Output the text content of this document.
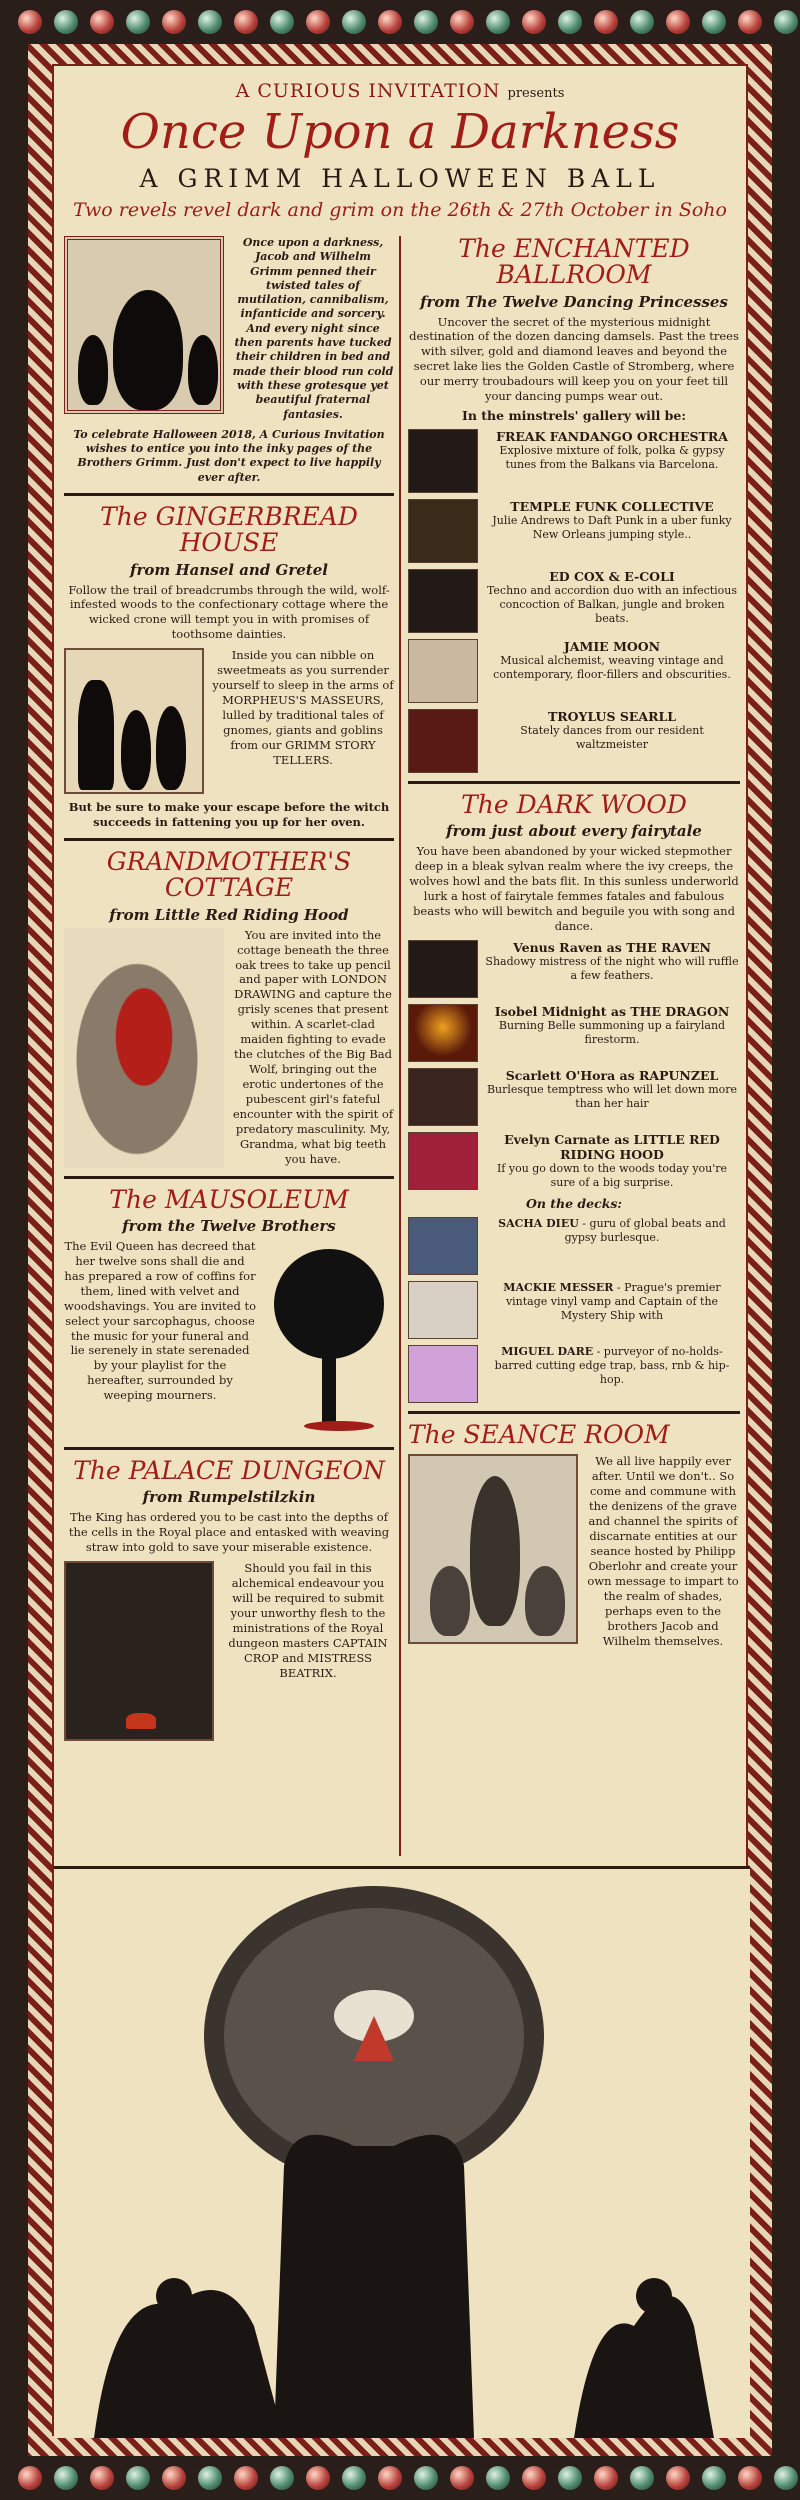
A CURIOUS INVITATION presents
Once Upon a Darkness
A GRIMM HALLOWEEN BALL
Two revels revel dark and grim on the 26th & 27th October in Soho

Once upon a darkness, Jacob and Wilhelm Grimm penned their twisted tales of mutilation, cannibalism, infanticide and sorcery. And every night since then parents have tucked their children in bed and made their blood run cold with these grotesque yet beautiful fraternal fantasies.

To celebrate Halloween 2018, A Curious Invitation wishes to entice you into the inky pages of the Brothers Grimm. Just don't expect to live happily ever after.

The GINGERBREAD HOUSE
from Hansel and Gretel

Follow the trail of breadcrumbs through the wild, wolf-infested woods to the confectionary cottage where the wicked crone will tempt you in with promises of toothsome dainties.

Inside you can nibble on sweetmeats as you surrender yourself to sleep in the arms of MORPHEUS'S MASSEURS, lulled by traditional tales of gnomes, giants and goblins from our GRIMM STORY TELLERS.

But be sure to make your escape before the witch succeeds in fattening you up for her oven.

GRANDMOTHER'S COTTAGE
from Little Red Riding Hood

You are invited into the cottage beneath the three oak trees to take up pencil and paper with LONDON DRAWING and capture the grisly scenes that present within. A scarlet-clad maiden fighting to evade the clutches of the Big Bad Wolf, bringing out the erotic undertones of the pubescent girl's fateful encounter with the spirit of predatory masculinity. My, Grandma, what big teeth you have.

The MAUSOLEUM
from the Twelve Brothers

The Evil Queen has decreed that her twelve sons shall die and has prepared a row of coffins for them, lined with velvet and woodshavings. You are invited to select your sarcophagus, choose the music for your funeral and lie serenely in state serenaded by your playlist for the hereafter, surrounded by weeping mourners.

The PALACE DUNGEON
from Rumpelstilzkin

The King has ordered you to be cast into the depths of the cells in the Royal place and entasked with weaving straw into gold to save your miserable existence.

Should you fail in this alchemical endeavour you will be required to submit your unworthy flesh to the ministrations of the Royal dungeon masters CAPTAIN CROP and MISTRESS BEATRIX.

The ENCHANTED BALLROOM
from The Twelve Dancing Princesses

Uncover the secret of the mysterious midnight destination of the dozen dancing damsels. Past the trees with silver, gold and diamond leaves and beyond the secret lake lies the Golden Castle of Stromberg, where our merry troubadours will keep you on your feet till your dancing pumps wear out.

In the minstrels' gallery will be:
FREAK FANDANGO ORCHESTRA
Explosive mixture of folk, polka & gypsy tunes from the Balkans via Barcelona.
TEMPLE FUNK COLLECTIVE
Julie Andrews to Daft Punk in a uber funky New Orleans jumping style..
ED COX & E-COLI
Techno and accordion duo with an infectious concoction of Balkan, jungle and broken beats.
JAMIE MOON
Musical alchemist, weaving vintage and contemporary, floor-fillers and obscurities.
TROYLUS SEARLL
Stately dances from our resident waltzmeister
The DARK WOOD
from just about every fairytale

You have been abandoned by your wicked stepmother deep in a bleak sylvan realm where the ivy creeps, the wolves howl and the bats flit. In this sunless underworld lurk a host of fairytale femmes fatales and fabulous beasts who will bewitch and beguile you with song and dance.

Venus Raven as THE RAVEN
Shadowy mistress of the night who will ruffle a few feathers.
Isobel Midnight as THE DRAGON
Burning Belle summoning up a fairyland firestorm.
Scarlett O'Hora as RAPUNZEL
Burlesque temptress who will let down more than her hair
Evelyn Carnate as LITTLE RED RIDING HOOD
If you go down to the woods today you're sure of a big surprise.
On the decks:
SACHA DIEU - guru of global beats and gypsy burlesque.
MACKIE MESSER - Prague's premier vintage vinyl vamp and Captain of the Mystery Ship with
MIGUEL DARE - purveyor of no-holds-barred cutting edge trap, bass, rnb & hip-hop.
The SEANCE ROOM

We all live happily ever after. Until we don't.. So come and commune with the denizens of the grave and channel the spirits of discarnate entities at our seance hosted by Philipp Oberlohr and create your own message to impart to the realm of shades, perhaps even to the brothers Jacob and Wilhelm themselves.
